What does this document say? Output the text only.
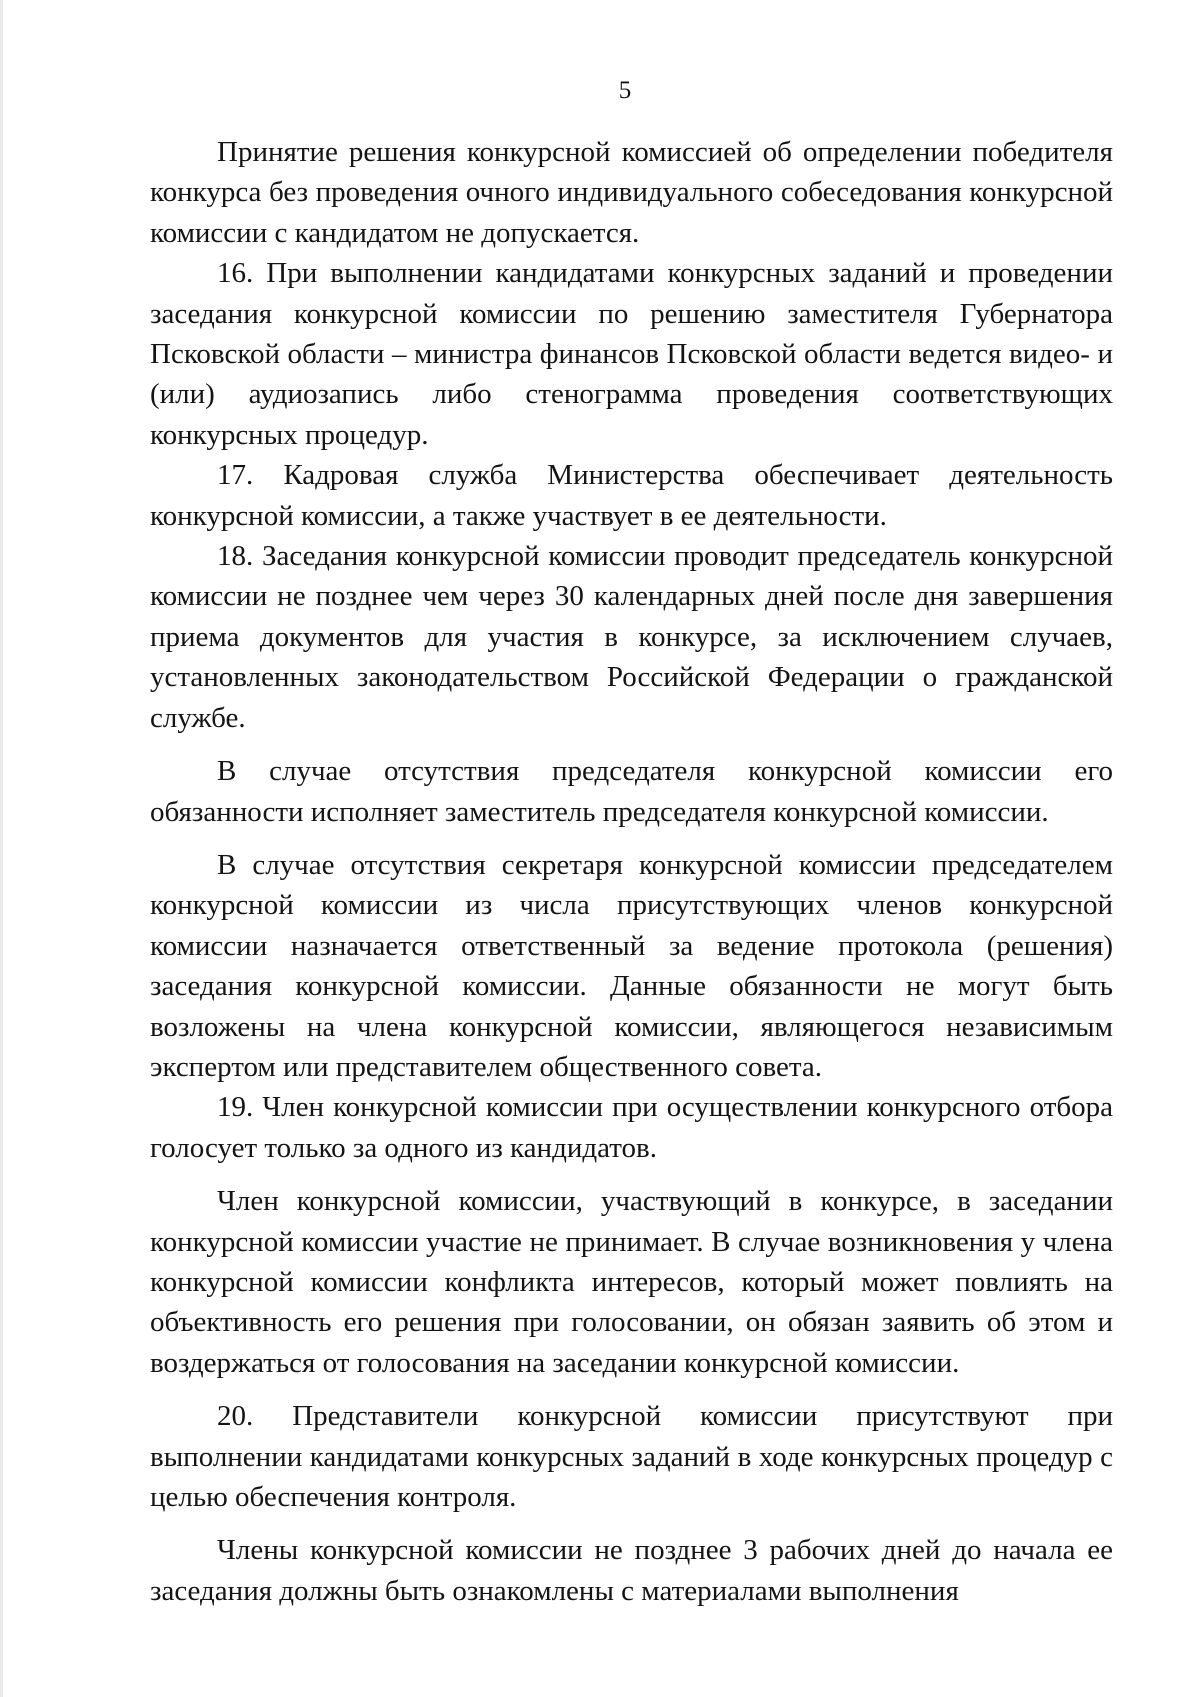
5

Принятие решения конкурсной комиссией об определении победителя конкурса без проведения очного индивидуального собеседования конкурсной комиссии с кандидатом не допускается.

16. При выполнении кандидатами конкурсных заданий и проведении заседания конкурсной комиссии по решению заместителя Губернатора Псковской области – министра финансов Псковской области ведется видео- и (или) аудиозапись либо стенограмма проведения соответствующих конкурсных процедур.

17. Кадровая служба Министерства обеспечивает деятельность конкурсной комиссии, а также участвует в ее деятельности.

18. Заседания конкурсной комиссии проводит председатель конкурсной комиссии не позднее чем через 30 календарных дней после дня завершения приема документов для участия в конкурсе, за исключением случаев, установленных законодательством Российской Федерации о гражданской службе.

В случае отсутствия председателя конкурсной комиссии его обязанности исполняет заместитель председателя конкурсной комиссии.

В случае отсутствия секретаря конкурсной комиссии председателем конкурсной комиссии из числа присутствующих членов конкурсной комиссии назначается ответственный за ведение протокола (решения) заседания конкурсной комиссии. Данные обязанности не могут быть возложены на члена конкурсной комиссии, являющегося независимым экспертом или представителем общественного совета.

19. Член конкурсной комиссии при осуществлении конкурсного отбора голосует только за одного из кандидатов.

Член конкурсной комиссии, участвующий в конкурсе, в заседании конкурсной комиссии участие не принимает. В случае возникновения у члена конкурсной комиссии конфликта интересов, который может повлиять на объективность его решения при голосовании, он обязан заявить об этом и воздержаться от голосования на заседании конкурсной комиссии.

20. Представители конкурсной комиссии присутствуют при выполнении кандидатами конкурсных заданий в ходе конкурсных процедур с целью обеспечения контроля.

Члены конкурсной комиссии не позднее 3 рабочих дней до начала ее заседания должны быть ознакомлены с материалами выполнения
